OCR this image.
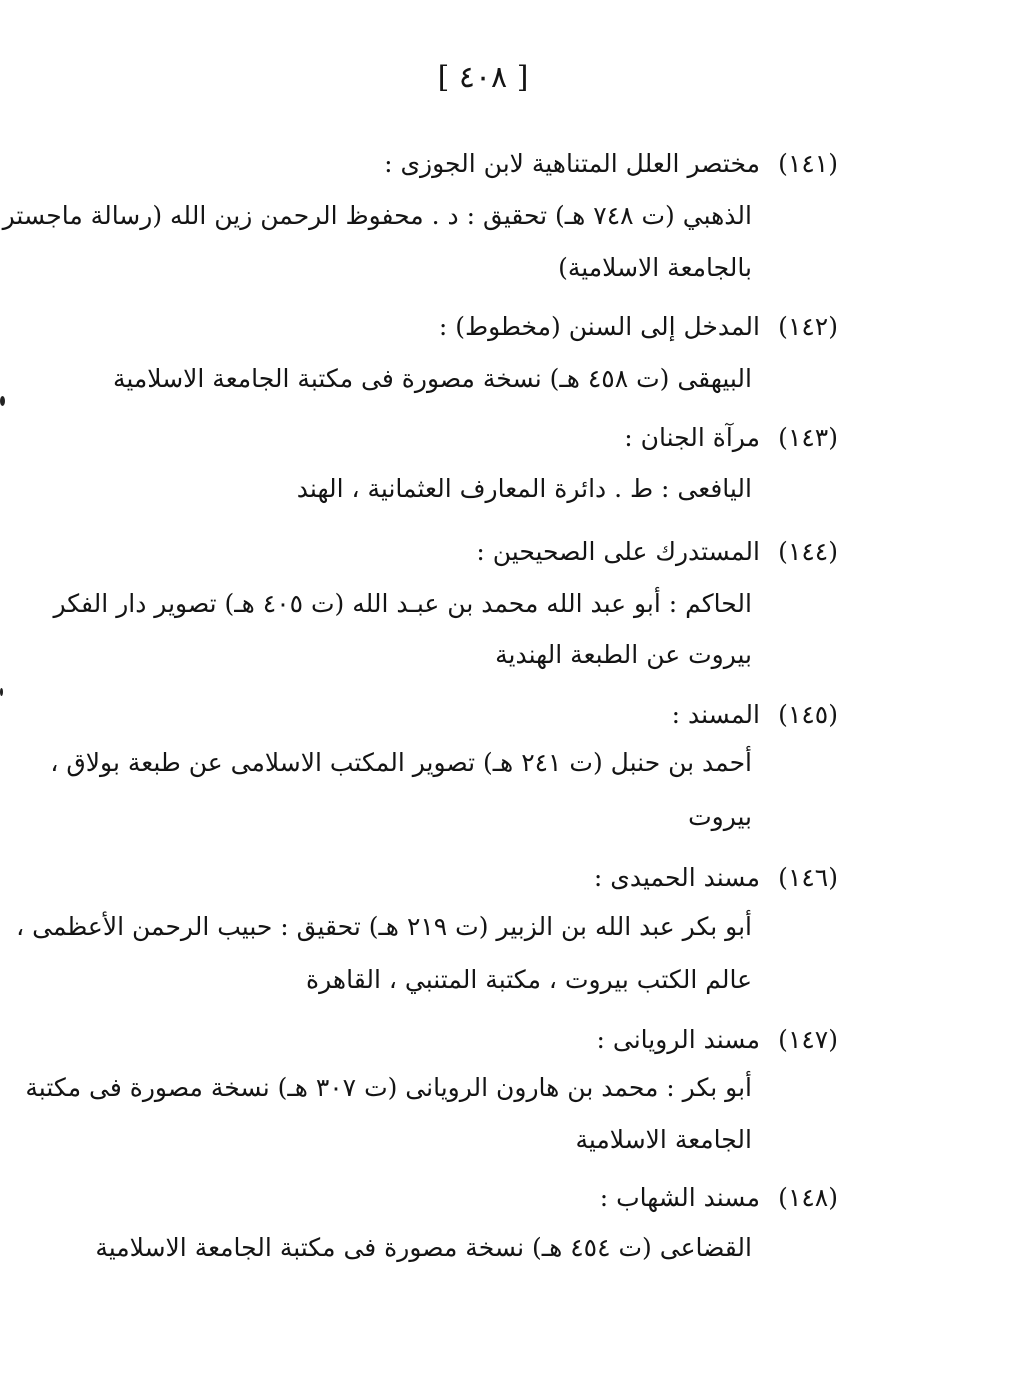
[ ٤٠٨ ]
(١٤١)مختصر العلل المتناهية لابن الجوزى :
الذهبي (ت ٧٤٨ هـ) تحقيق : د . محفوظ الرحمن زين الله (رسالة ماجستر
بالجامعة الاسلامية)
(١٤٢)المدخل إلى السنن (مخطوط) :
البيهقى (ت ٤٥٨ هـ) نسخة مصورة فى مكتبة الجامعة الاسلامية
(١٤٣)مرآة الجنان :
اليافعى : ط . دائرة المعارف العثمانية ، الهند
(١٤٤)المستدرك على الصحيحين :
الحاكم : أبو عبد الله محمد بن عبـد الله (ت ٤٠٥ هـ) تصوير دار الفكر
بيروت عن الطبعة الهندية
(١٤٥)المسند :
أحمد بن حنبل (ت ٢٤١ هـ) تصوير المكتب الاسلامى عن طبعة بولاق ،
بيروت
(١٤٦)مسند الحميدى :
أبو بكر عبد الله بن الزبير (ت ٢١٩ هـ) تحقيق : حبيب الرحمن الأعظمى ،
عالم الكتب بيروت ، مكتبة المتنبي ، القاهرة
(١٤٧)مسند الرويانى :
أبو بكر : محمد بن هارون الرويانى (ت ٣٠٧ هـ) نسخة مصورة فى مكتبة
الجامعة الاسلامية
(١٤٨)مسند الشهاب :
القضاعى (ت ٤٥٤ هـ) نسخة مصورة فى مكتبة الجامعة الاسلامية
